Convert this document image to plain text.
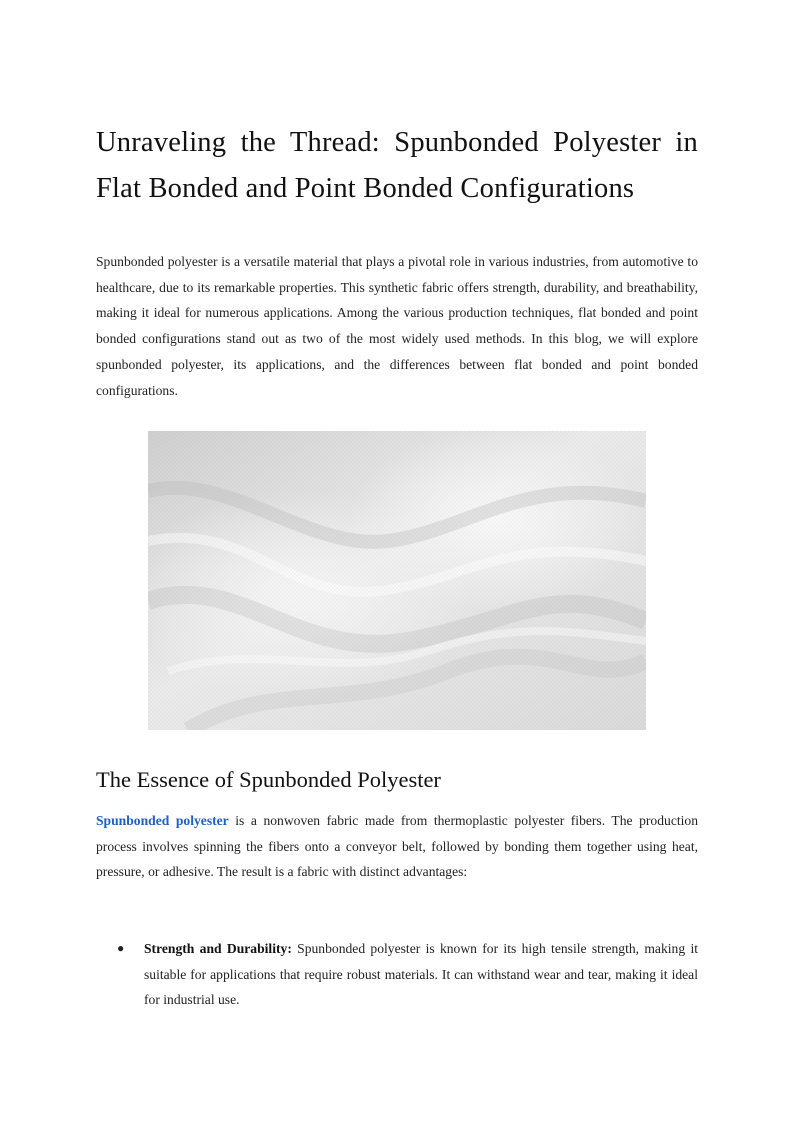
Unraveling the Thread: Spunbonded Polyester in Flat Bonded and Point Bonded Configurations

Spunbonded polyester is a versatile material that plays a pivotal role in various industries, from automotive to healthcare, due to its remarkable properties. This synthetic fabric offers strength, durability, and breathability, making it ideal for numerous applications. Among the various production techniques, flat bonded and point bonded configurations stand out as two of the most widely used methods. In this blog, we will explore spunbonded polyester, its applications, and the differences between flat bonded and point bonded configurations.

The Essence of Spunbonded Polyester

Spunbonded polyester is a nonwoven fabric made from thermoplastic polyester fibers. The production process involves spinning the fibers onto a conveyor belt, followed by bonding them together using heat, pressure, or adhesive. The result is a fabric with distinct advantages:

● Strength and Durability: Spunbonded polyester is known for its high tensile strength, making it suitable for applications that require robust materials. It can withstand wear and tear, making it ideal for industrial use.
